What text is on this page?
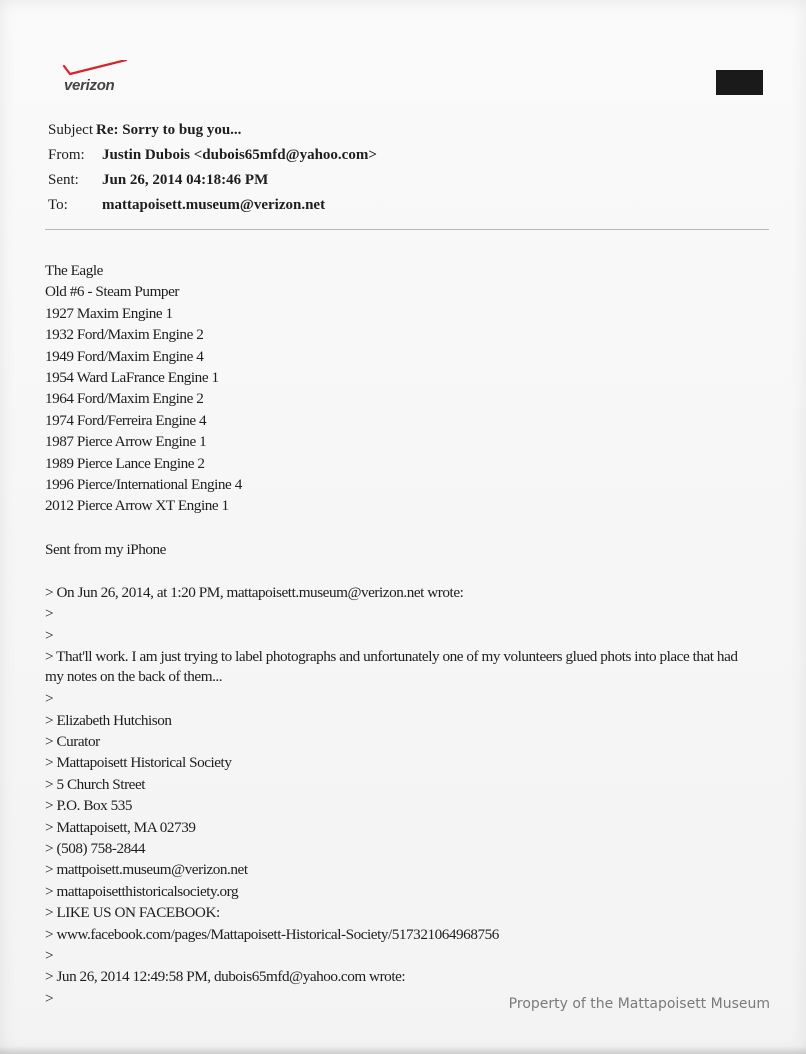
verizon
Subject Re: Sorry to bug you...
From: Justin Dubois <dubois65mfd@yahoo.com>
Sent: Jun 26, 2014 04:18:46 PM
To: mattapoisett.museum@verizon.net
The Eagle
Old #6 - Steam Pumper
1927 Maxim Engine 1
1932 Ford/Maxim Engine 2
1949 Ford/Maxim Engine 4
1954 Ward LaFrance Engine 1
1964 Ford/Maxim Engine 2
1974 Ford/Ferreira Engine 4
1987 Pierce Arrow Engine 1
1989 Pierce Lance Engine 2
1996 Pierce/International Engine 4
2012 Pierce Arrow XT Engine 1
Sent from my iPhone
> On Jun 26, 2014, at 1:20 PM, mattapoisett.museum@verizon.net wrote:
>
>
> That'll work. I am just trying to label photographs and unfortunately one of my volunteers glued phots into place that had my notes on the back of them...
>
> Elizabeth Hutchison
> Curator
> Mattapoisett Historical Society
> 5 Church Street
> P.O. Box 535
> Mattapoisett, MA 02739
> (508) 758-2844
> mattpoisett.museum@verizon.net
> mattapoisetthistoricalsociety.org
> LIKE US ON FACEBOOK:
> www.facebook.com/pages/Mattapoisett-Historical-Society/517321064968756
>
> Jun 26, 2014 12:49:58 PM, dubois65mfd@yahoo.com wrote:
>	Property of the Mattapoisett Museum
